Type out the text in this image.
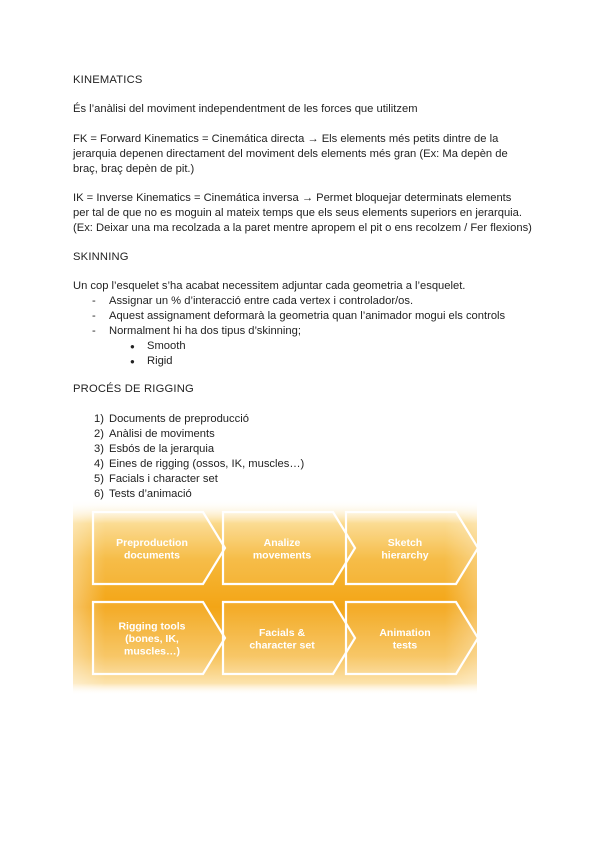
KINEMATICS
És l’anàlisi del moviment independentment de les forces que utilitzem
FK = Forward Kinematics = Cinemática directa → Els elements més petits dintre de la
jerarquia depenen directament del moviment dels elements més gran (Ex: Ma depèn de
braç, braç depèn de pit.)
IK = Inverse Kinematics = Cinemática inversa → Permet bloquejar determinats elements
per tal de que no es moguin al mateix temps que els seus elements superiors en jerarquia.
(Ex: Deixar una ma recolzada a la paret mentre apropem el pit o ens recolzem / Fer flexions)
SKINNING
Un cop l’esquelet s’ha acabat necessitem adjuntar cada geometria a l’esquelet.
- Assignar un % d’interacció entre cada vertex i controlador/os.
- Aquest assignament deformarà la geometria quan l’animador mogui els controls
- Normalment hi ha dos tipus d’skinning;
● Smooth
● Rigid
PROCÉS DE RIGGING
1) Documents de preproducció
2) Anàlisi de moviments
3) Esbós de la jerarquia
4) Eines de rigging (ossos, IK, muscles…)
5) Facials i character set
6) Tests d’animació
Preproduction documents
Analize movements
Sketch hierarchy
Rigging tools (bones, IK, muscles…)
Facials & character set
Animation tests
